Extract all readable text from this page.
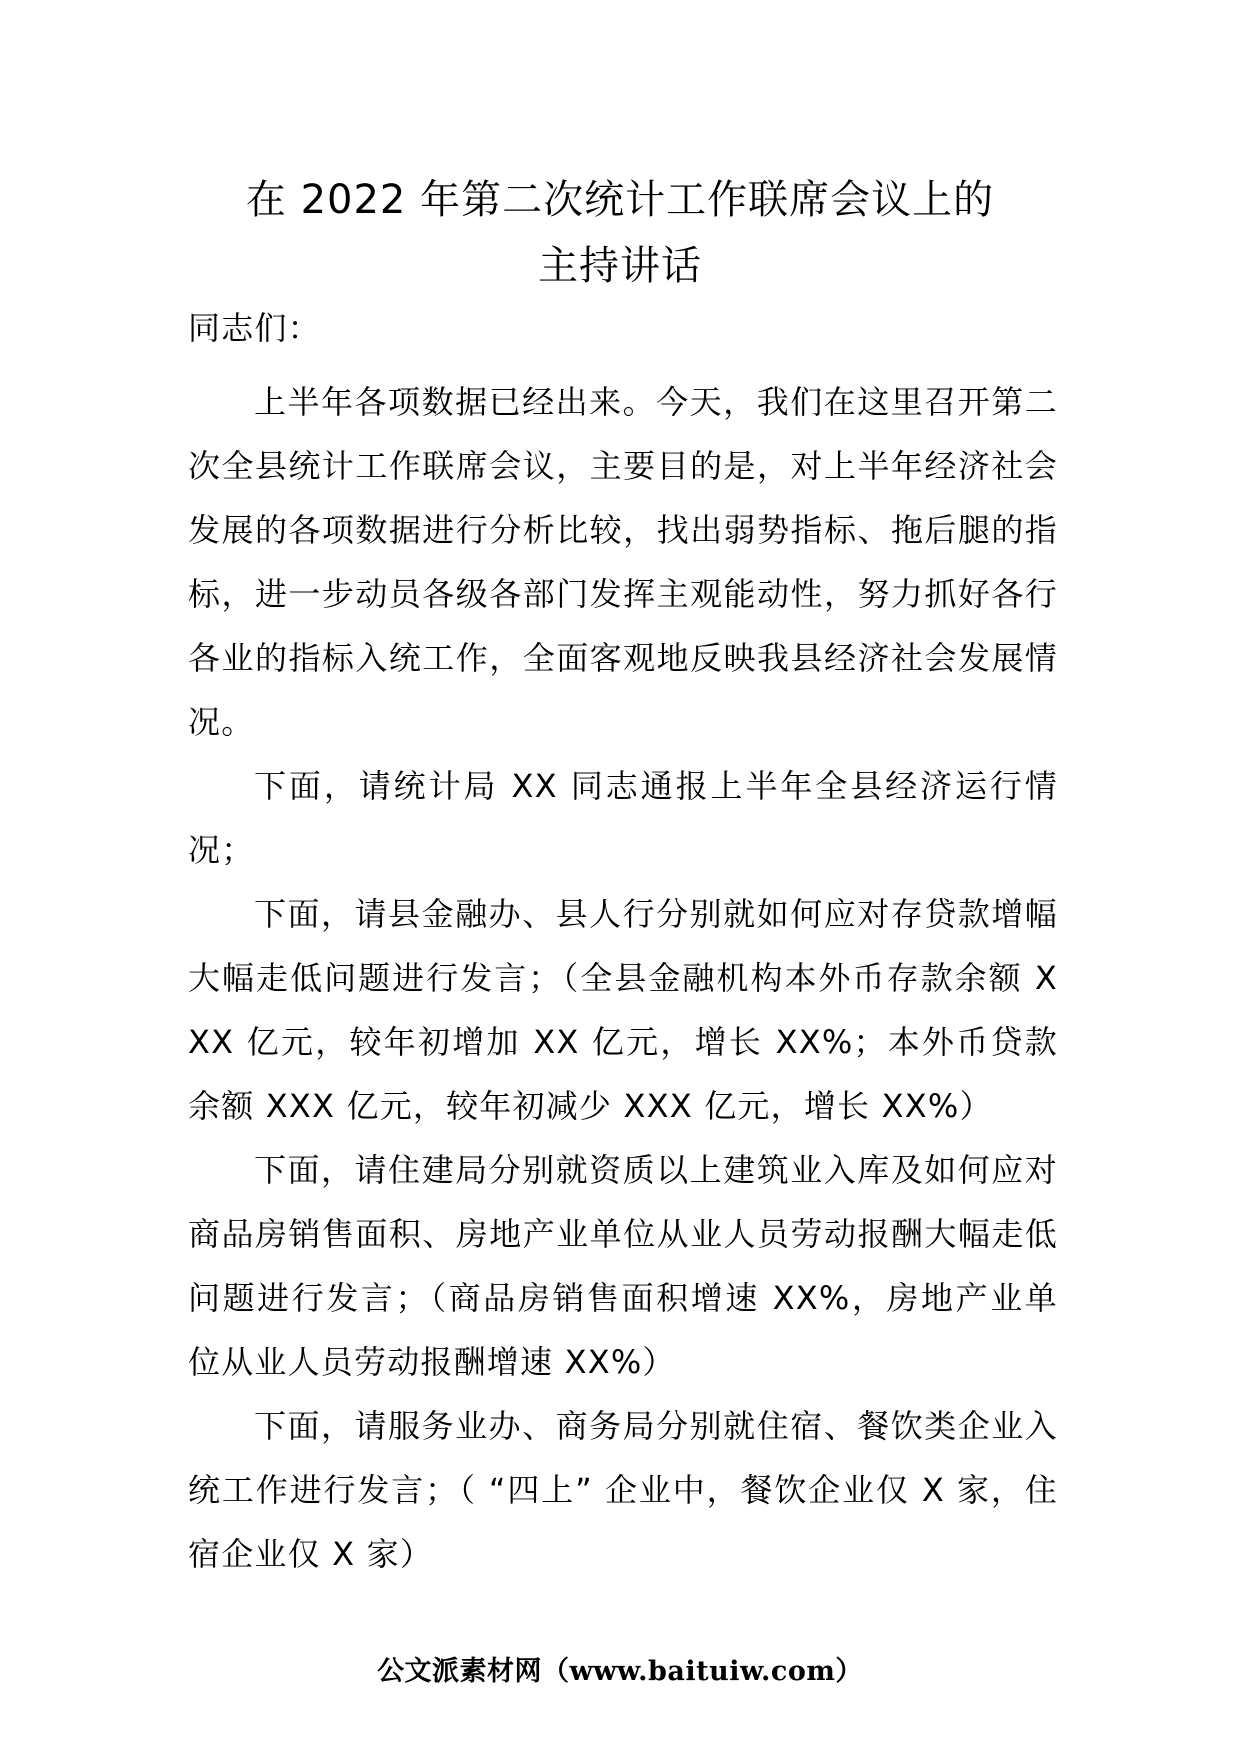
在 2022 年第二次统计工作联席会议上的
主持讲话

同志们：

上半年各项数据已经出来。今天，我们在这里召开第二次全县统计工作联席会议，主要目的是，对上半年经济社会发展的各项数据进行分析比较，找出弱势指标、拖后腿的指标，进一步动员各级各部门发挥主观能动性，努力抓好各行各业的指标入统工作，全面客观地反映我县经济社会发展情况。

下面，请统计局 XX 同志通报上半年全县经济运行情况；

下面，请县金融办、县人行分别就如何应对存贷款增幅大幅走低问题进行发言；（全县金融机构本外币存款余额 XXX 亿元，较年初增加 XX 亿元，增长 XX%；本外币贷款余额 XXX 亿元，较年初减少 XXX 亿元，增长 XX%）

下面，请住建局分别就资质以上建筑业入库及如何应对商品房销售面积、房地产业单位从业人员劳动报酬大幅走低问题进行发言；（商品房销售面积增速 XX%，房地产业单位从业人员劳动报酬增速 XX%）

下面，请服务业办、商务局分别就住宿、餐饮类企业入统工作进行发言；（ “四上” 企业中，餐饮企业仅 X 家，住宿企业仅 X 家）

公文派素材网（www.baituiw.com）
